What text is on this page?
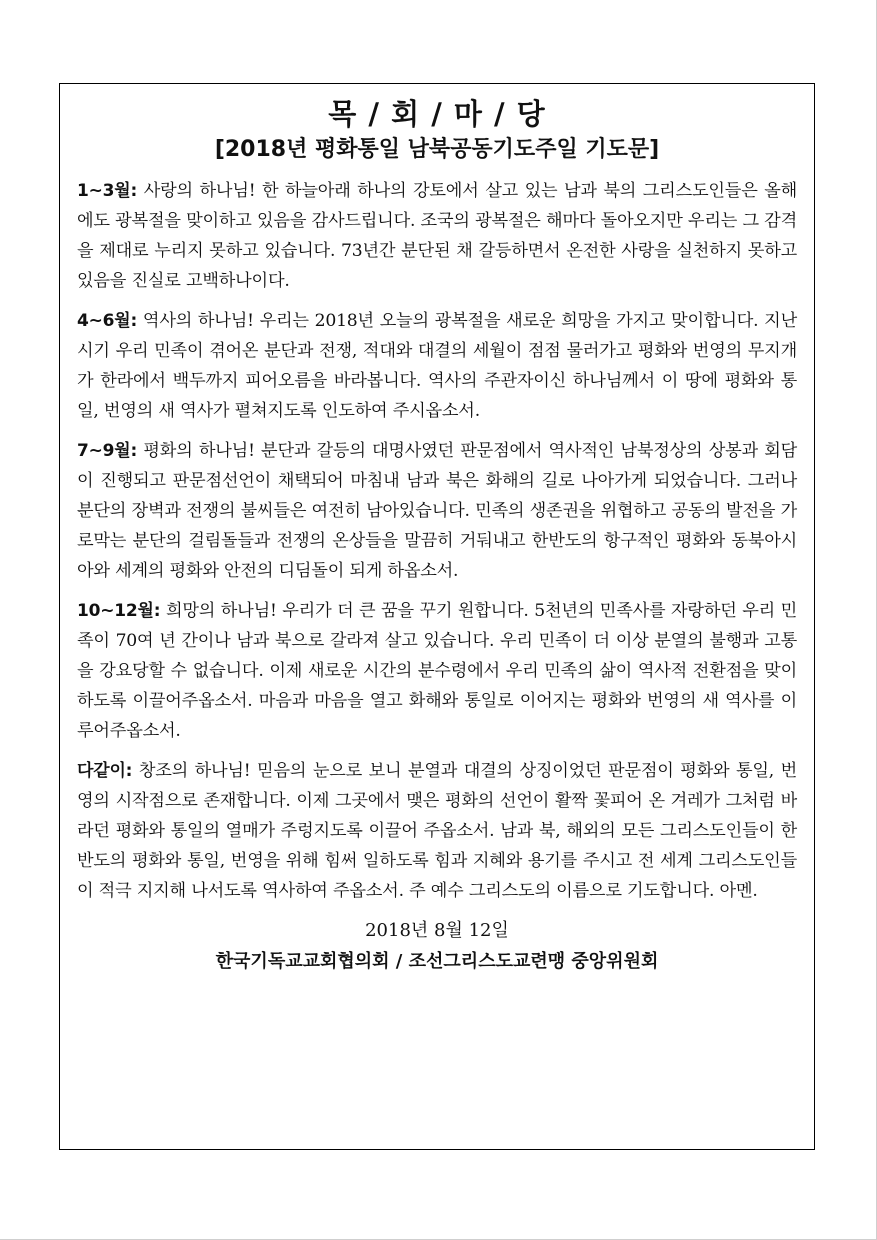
목 / 회 / 마 / 당
[2018년 평화통일 남북공동기도주일 기도문]

1~3월: 사랑의 하나님! 한 하늘아래 하나의 강토에서 살고 있는 남과 북의 그리스도인들은 올해에도 광복절을 맞이하고 있음을 감사드립니다. 조국의 광복절은 해마다 돌아오지만 우리는 그 감격을 제대로 누리지 못하고 있습니다. 73년간 분단된 채 갈등하면서 온전한 사랑을 실천하지 못하고 있음을 진실로 고백하나이다.

4~6월: 역사의 하나님! 우리는 2018년 오늘의 광복절을 새로운 희망을 가지고 맞이합니다. 지난 시기 우리 민족이 겪어온 분단과 전쟁, 적대와 대결의 세월이 점점 물러가고 평화와 번영의 무지개가 한라에서 백두까지 피어오름을 바라봅니다. 역사의 주관자이신 하나님께서 이 땅에 평화와 통일, 번영의 새 역사가 펼쳐지도록 인도하여 주시옵소서.

7~9월: 평화의 하나님! 분단과 갈등의 대명사였던 판문점에서 역사적인 남북정상의 상봉과 회담이 진행되고 판문점선언이 채택되어 마침내 남과 북은 화해의 길로 나아가게 되었습니다. 그러나 분단의 장벽과 전쟁의 불씨들은 여전히 남아있습니다. 민족의 생존권을 위협하고 공동의 발전을 가로막는 분단의 걸림돌들과 전쟁의 온상들을 말끔히 거둬내고 한반도의 항구적인 평화와 동북아시아와 세계의 평화와 안전의 디딤돌이 되게 하옵소서.

10~12월: 희망의 하나님! 우리가 더 큰 꿈을 꾸기 원합니다. 5천년의 민족사를 자랑하던 우리 민족이 70여 년 간이나 남과 북으로 갈라져 살고 있습니다. 우리 민족이 더 이상 분열의 불행과 고통을 강요당할 수 없습니다. 이제 새로운 시간의 분수령에서 우리 민족의 삶이 역사적 전환점을 맞이하도록 이끌어주옵소서. 마음과 마음을 열고 화해와 통일로 이어지는 평화와 번영의 새 역사를 이루어주옵소서.

다같이: 창조의 하나님! 믿음의 눈으로 보니 분열과 대결의 상징이었던 판문점이 평화와 통일, 번영의 시작점으로 존재합니다. 이제 그곳에서 맺은 평화의 선언이 활짝 꽃피어 온 겨레가 그처럼 바라던 평화와 통일의 열매가 주렁지도록 이끌어 주옵소서. 남과 북, 해외의 모든 그리스도인들이 한반도의 평화와 통일, 번영을 위해 힘써 일하도록 힘과 지혜와 용기를 주시고 전 세계 그리스도인들이 적극 지지해 나서도록 역사하여 주옵소서. 주 예수 그리스도의 이름으로 기도합니다. 아멘.

2018년 8월 12일

한국기독교교회협의회 / 조선그리스도교련맹 중앙위원회
